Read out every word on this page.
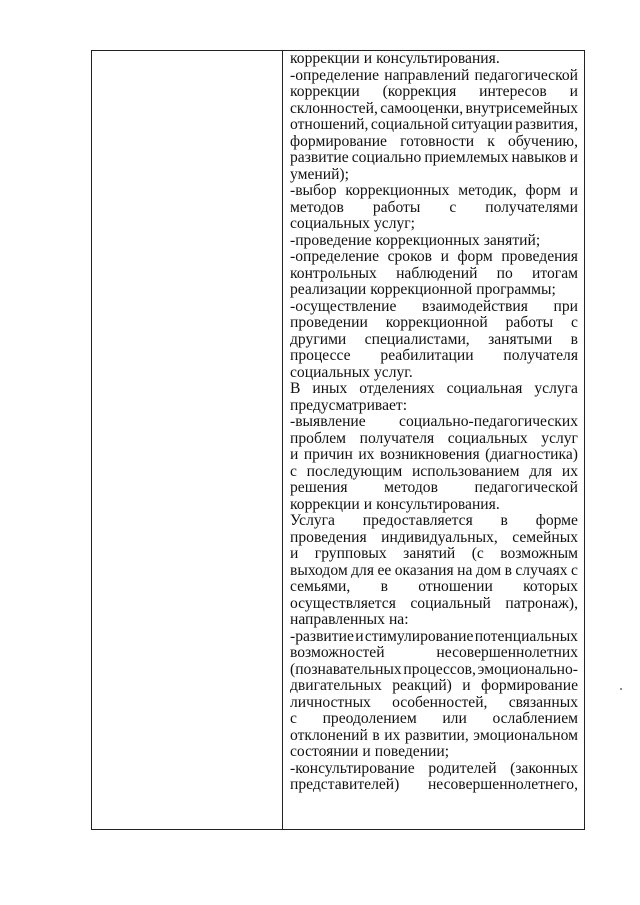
коррекции и консультирования.
-определение направлений педагогической
коррекции (коррекция интересов и
склонностей, самооценки, внутрисемейных
отношений, социальной ситуации развития,
формирование готовности к обучению,
развитие социально приемлемых навыков и
умений);
-выбор коррекционных методик, форм и
методов работы с получателями
социальных услуг;
-проведение коррекционных занятий;
-определение сроков и форм проведения
контрольных наблюдений по итогам
реализации коррекционной программы;
-осуществление взаимодействия при
проведении коррекционной работы с
другими специалистами, занятыми в
процессе реабилитации получателя
социальных услуг.
В иных отделениях социальная услуга
предусматривает:
-выявление социально-педагогических
проблем получателя социальных услуг
и причин их возникновения (диагностика)
с последующим использованием для их
решения методов педагогической
коррекции и консультирования.
Услуга предоставляется в форме
проведения индивидуальных, семейных
и групповых занятий (с возможным
выходом для ее оказания на дом в случаях с
семьями, в отношении которых
осуществляется социальный патронаж),
направленных на:
-развитие и стимулирование потенциальных
возможностей	несовершеннолетних
(познавательных процессов, эмоционально-
двигательных реакций) и формирование
личностных особенностей, связанных
с преодолением или ослаблением
отклонений в их развитии, эмоциональном
состоянии и поведении;
-консультирование родителей (законных
представителей) несовершеннолетнего,
